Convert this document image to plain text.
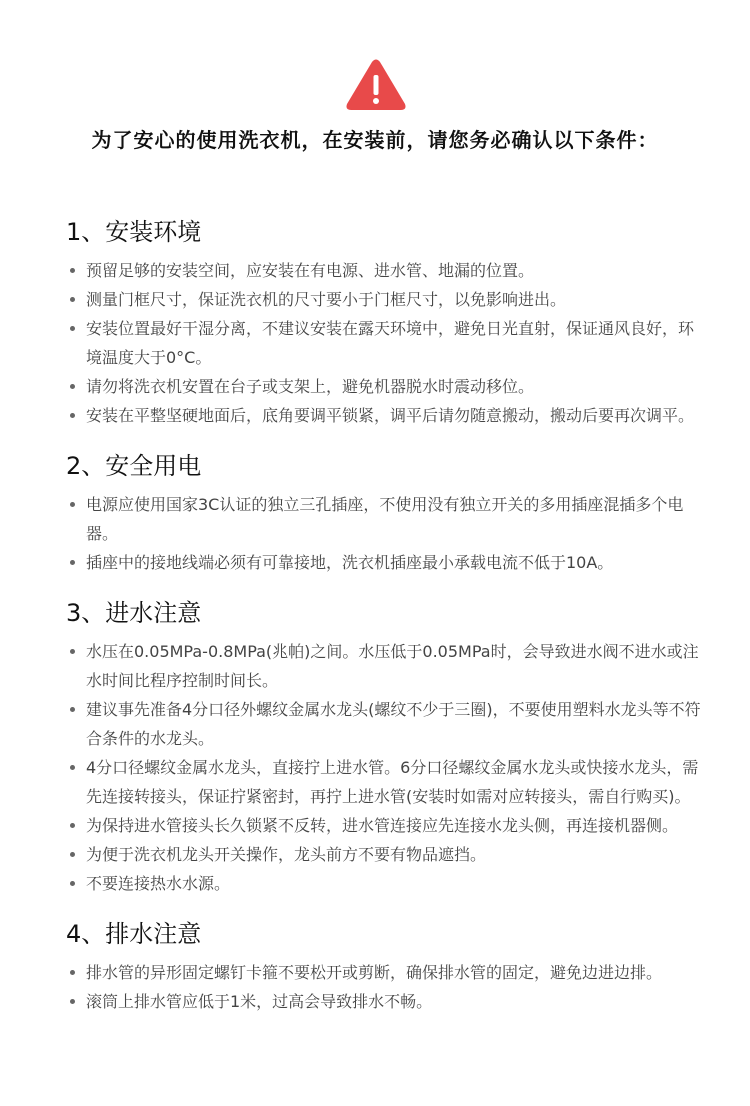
为了安心的使用洗衣机，在安装前，请您务必确认以下条件：
1、安装环境
预留足够的安装空间，应安装在有电源、进水管、地漏的位置。
测量门框尺寸，保证洗衣机的尺寸要小于门框尺寸，以免影响进出。
安装位置最好干湿分离，不建议安装在露天环境中，避免日光直射，保证通风良好，环境温度大于0°C。
请勿将洗衣机安置在台子或支架上，避免机器脱水时震动移位。
安装在平整坚硬地面后，底角要调平锁紧，调平后请勿随意搬动，搬动后要再次调平。
2、安全用电
电源应使用国家3C认证的独立三孔插座，不使用没有独立开关的多用插座混插多个电器。
插座中的接地线端必须有可靠接地，洗衣机插座最小承载电流不低于10A。
3、进水注意
水压在0.05MPa-0.8MPa(兆帕)之间。水压低于0.05MPa时，会导致进水阀不进水或注水时间比程序控制时间长。
建议事先准备4分口径外螺纹金属水龙头(螺纹不少于三圈)，不要使用塑料水龙头等不符合条件的水龙头。
4分口径螺纹金属水龙头，直接拧上进水管。6分口径螺纹金属水龙头或快接水龙头，需先连接转接头，保证拧紧密封，再拧上进水管(安装时如需对应转接头，需自行购买)。
为保持进水管接头长久锁紧不反转，进水管连接应先连接水龙头侧，再连接机器侧。
为便于洗衣机龙头开关操作，龙头前方不要有物品遮挡。
不要连接热水水源。
4、排水注意
排水管的异形固定螺钉卡箍不要松开或剪断，确保排水管的固定，避免边进边排。
滚筒上排水管应低于1米，过高会导致排水不畅。
